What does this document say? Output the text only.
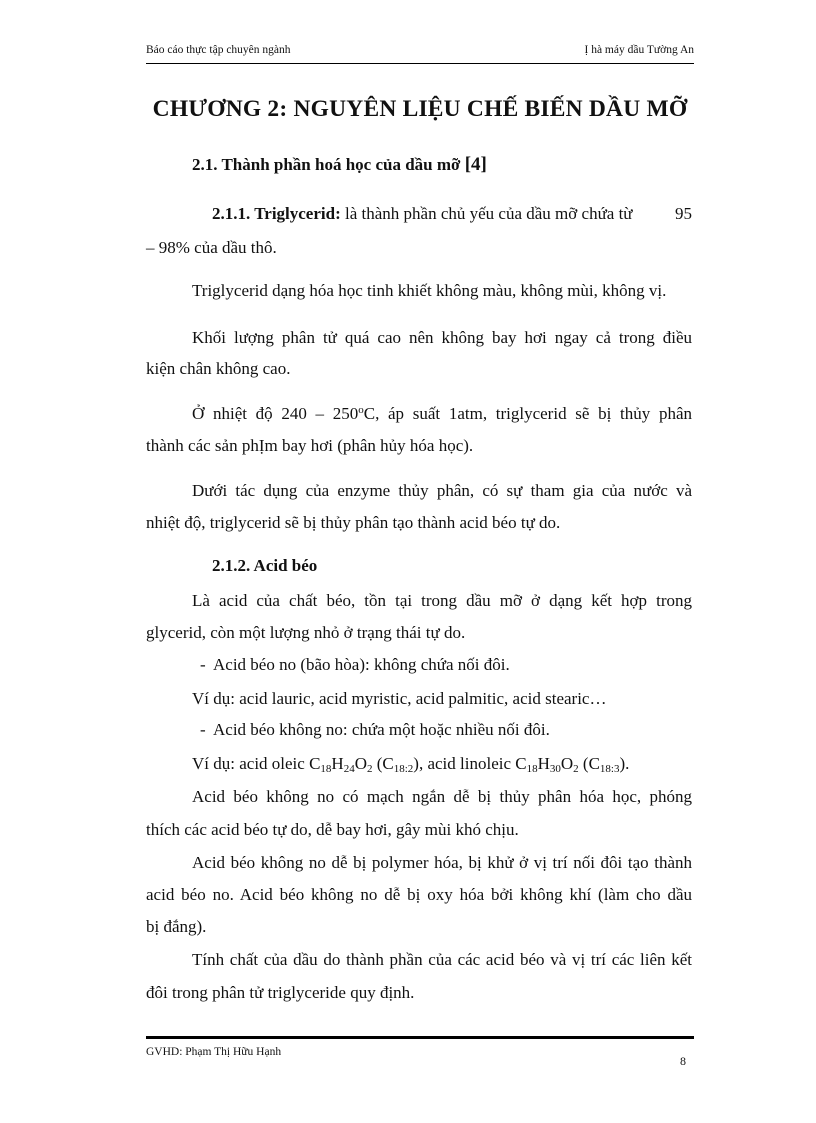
Báo cáo thực tập chuyên ngành	Ị hà máy dầu Tường An
CHƯƠNG 2: NGUYÊN LIỆU CHẾ BIẾN DẦU MỠ
2.1. Thành phần hoá học của dầu mỡ [4]
2.1.1. Triglycerid: là thành phần chủ yếu của dầu mỡ chứa từ 95
– 98% của dầu thô.
Triglycerid dạng hóa học tinh khiết không màu, không mùi, không vị.
Khối lượng phân tử quá cao nên không bay hơi ngay cả trong điều
kiện chân không cao.
Ở nhiệt độ 240 – 250$^o$C, áp suất 1atm, triglycerid sẽ bị thủy phân
thành các sản phỊm bay hơi (phân hủy hóa học).
Dưới tác dụng của enzyme thủy phân, có sự tham gia của nước và
nhiệt độ, triglycerid sẽ bị thủy phân tạo thành acid béo tự do.
2.1.2. Acid béo
Là acid của chất béo, tồn tại trong dầu mỡ ở dạng kết hợp trong
glycerid, còn một lượng nhỏ ở trạng thái tự do.
- Acid béo no (bão hòa): không chứa nối đôi.
Ví dụ: acid lauric, acid myristic, acid palmitic, acid stearic…
- Acid béo không no: chứa một hoặc nhiều nối đôi.
Ví dụ: acid oleic $C_{18}H_{24}O_2$ $(C_{18:2})$, acid linoleic $C_{18}H_{30}O_2$ $(C_{18:3})$.
Acid béo không no có mạch ngắn dễ bị thủy phân hóa học, phóng
thích các acid béo tự do, dễ bay hơi, gây mùi khó chịu.
Acid béo không no dễ bị polymer hóa, bị khử ở vị trí nối đôi tạo thành
acid béo no. Acid béo không no dễ bị oxy hóa bởi không khí (làm cho dầu
bị đắng).
Tính chất của dầu do thành phần của các acid béo và vị trí các liên kết
đôi trong phân tử triglyceride quy định.
GVHD: Phạm Thị Hữu Hạnh
8
